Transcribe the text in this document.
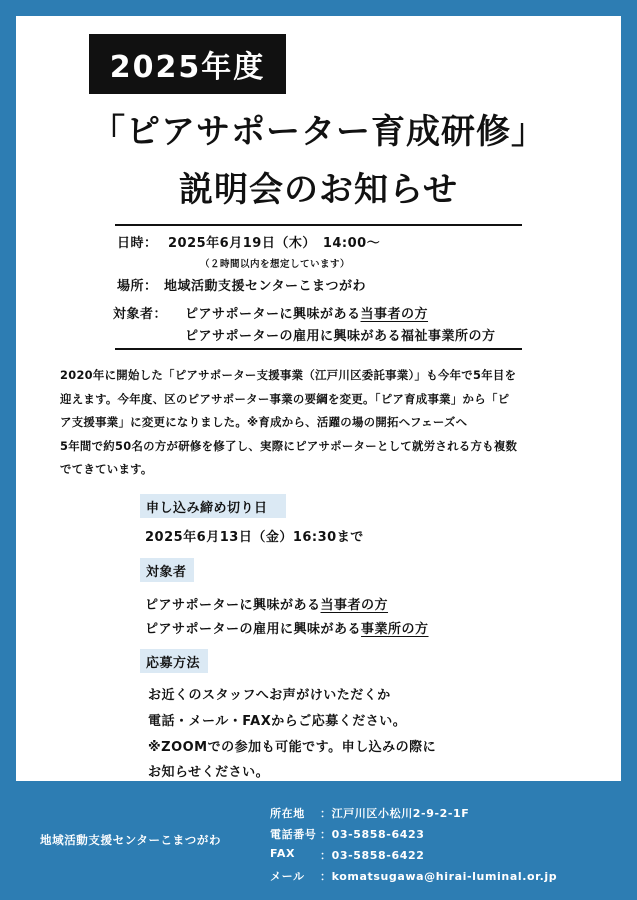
2025年度
「ピアサポーター育成研修」
説明会のお知らせ
日時： 2025年6月19日（木）　14:00〜
（２時間以内を想定しています）
場所： 地域活動支援センターこまつがわ
対象者： ピアサポーターに興味がある当事者の方
ピアサポーターの雇用に興味がある福祉事業所の方
2020年に開始した「ピアサポーター支援事業（江戸川区委託事業）」も今年で5年目を
迎えます。今年度、区のピアサポーター事業の要綱を変更。「ピア育成事業」から「ピ
ア支援事業」に変更になりました。※育成から、活躍の場の開拓へフェーズへ
5年間で約50名の方が研修を修了し、実際にピアサポーターとして就労される方も複数
でてきています。
申し込み締め切り日
2025年6月13日（金）16:30まで
対象者
ピアサポーターに興味がある当事者の方
ピアサポーターの雇用に興味がある事業所の方
応募方法
お近くのスタッフへお声がけいただくか
電話・メール・FAXからご応募ください。
※ZOOMでの参加も可能です。申し込みの際に
お知らせください。
地域活動支援センターこまつがわ
所在地 ：江戸川区小松川2-9-2-1F
電話番号 ：03-5858-6423
FAX ：03-5858-6422
メール ：komatsugawa@hirai-luminal.or.jp
